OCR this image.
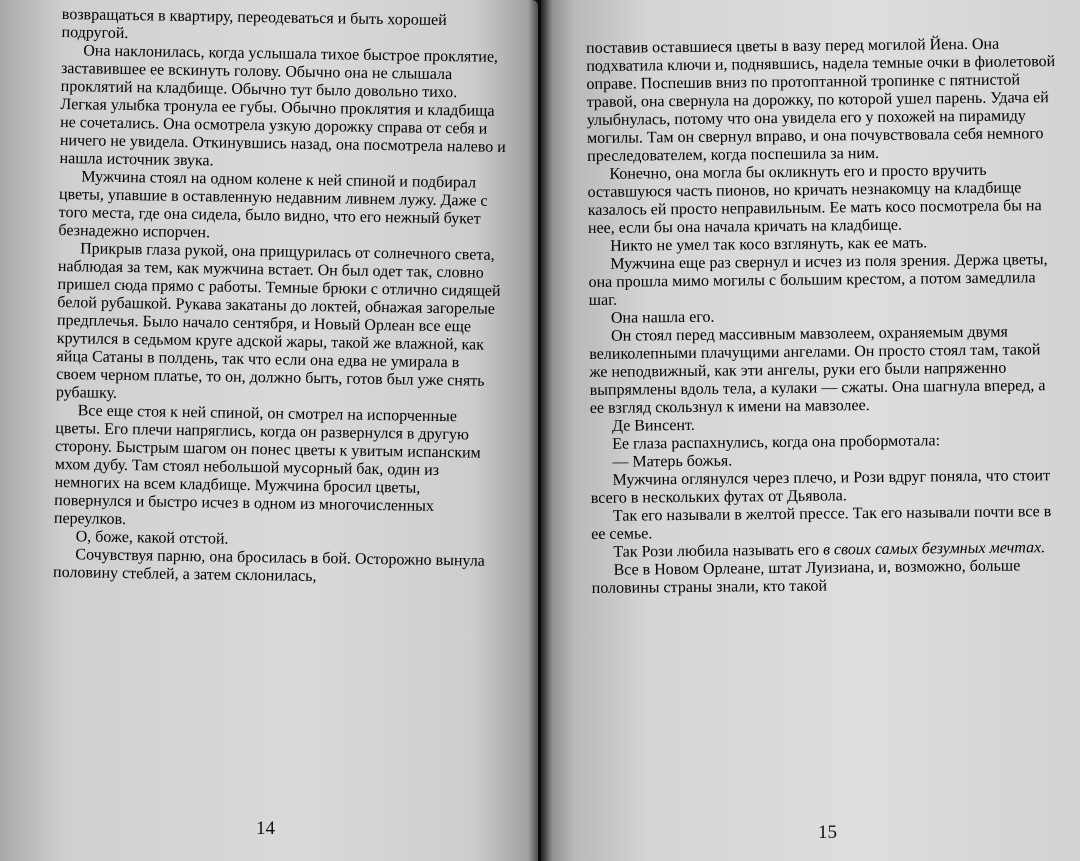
возвращаться в квартиру, переодеваться и быть хорошей подругой.

Она наклонилась, когда услышала тихое быстрое проклятие, заставившее ее вскинуть голову. Обычно она не слышала проклятий на кладбище. Обычно тут было довольно тихо. Легкая улыбка тронула ее губы. Обычно проклятия и кладбища не сочетались. Она осмотрела узкую дорожку справа от себя и ничего не увидела. Откинувшись назад, она посмотрела налево и нашла источник звука.

Мужчина стоял на одном колене к ней спиной и подбирал цветы, упавшие в оставленную недавним ливнем лужу. Даже с того места, где она сидела, было видно, что его нежный букет безнадежно испорчен.

Прикрыв глаза рукой, она прищурилась от солнечного света, наблюдая за тем, как мужчина встает. Он был одет так, словно пришел сюда прямо с работы. Темные брюки с отлично сидящей белой рубашкой. Рукава закатаны до локтей, обнажая загорелые предплечья. Было начало сентября, и Новый Орлеан все еще крутился в седьмом круге адской жары, такой же влажной, как яйца Сатаны в полдень, так что если она едва не умирала в своем черном платье, то он, должно быть, готов был уже снять рубашку.

Все еще стоя к ней спиной, он смотрел на испорченные цветы. Его плечи напряглись, когда он развернулся в другую сторону. Быстрым шагом он понес цветы к увитым испанским мхом дубу. Там стоял небольшой мусорный бак, один из немногих на всем кладбище. Мужчина бросил цветы, повернулся и быстро исчез в одном из многочисленных переулков.

О, боже, какой отстой.

Сочувствуя парню, она бросилась в бой. Осторожно вынула половину стеблей, а затем склонилась,

поставив оставшиеся цветы в вазу перед могилой Йена. Она подхватила ключи и, поднявшись, надела темные очки в фиолетовой оправе. Поспешив вниз по протоптанной тропинке с пятнистой травой, она свернула на дорожку, по которой ушел парень. Удача ей улыбнулась, потому что она увидела его у похожей на пирамиду могилы. Там он свернул вправо, и она почувствовала себя немного преследователем, когда поспешила за ним.

Конечно, она могла бы окликнуть его и просто вручить оставшуюся часть пионов, но кричать незнакомцу на кладбище казалось ей просто неправильным. Ее мать косо посмотрела бы на нее, если бы она начала кричать на кладбище.

Никто не умел так косо взглянуть, как ее мать.

Мужчина еще раз свернул и исчез из поля зрения. Держа цветы, она прошла мимо могилы с большим крестом, а потом замедлила шаг.

Она нашла его.

Он стоял перед массивным мавзолеем, охраняемым двумя великолепными плачущими ангелами. Он просто стоял там, такой же неподвижный, как эти ангелы, руки его были напряженно выпрямлены вдоль тела, а кулаки — сжаты. Она шагнула вперед, а ее взгляд скользнул к имени на мавзолее.

Де Винсент.

Ее глаза распахнулись, когда она пробормотала:

— Матерь божья.

Мужчина оглянулся через плечо, и Рози вдруг поняла, что стоит всего в нескольких футах от Дьявола.

Так его называли в желтой прессе. Так его называли почти все в ее семье.

Так Рози любила называть его в своих самых безумных мечтах.

Все в Новом Орлеане, штат Луизиана, и, возможно, больше половины страны знали, кто такой

14	15
